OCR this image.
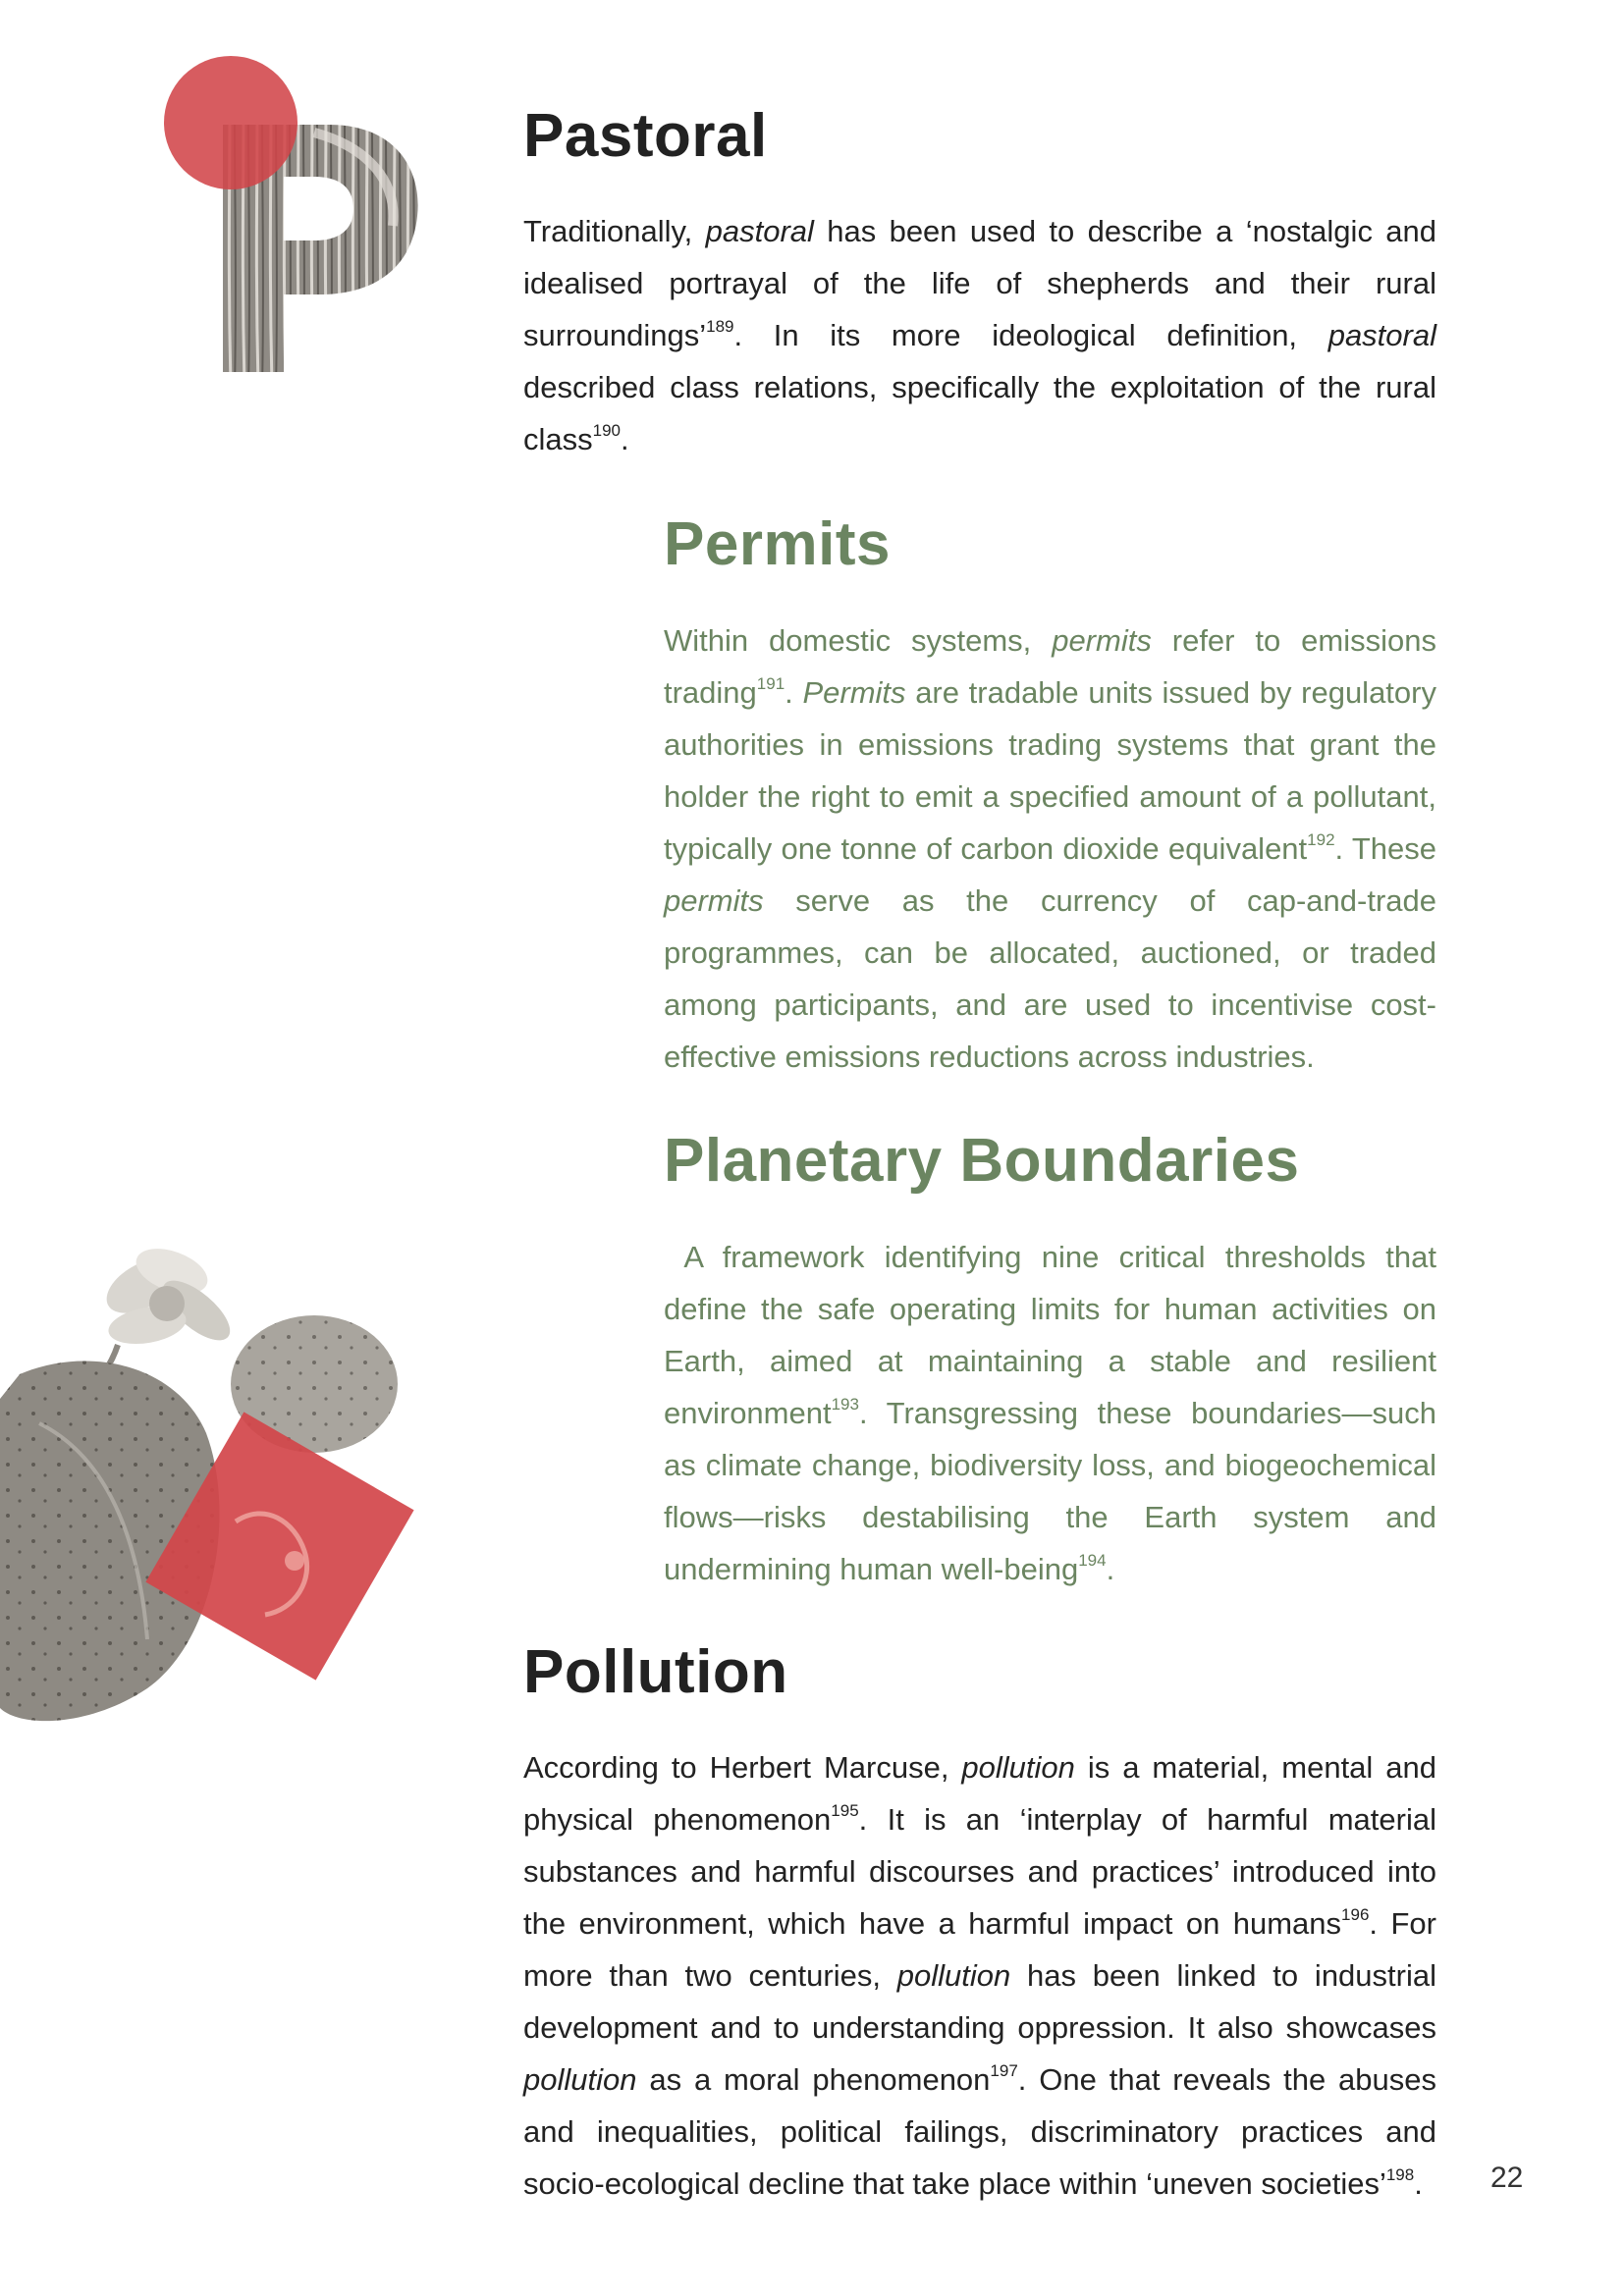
Pastoral

Traditionally, pastoral has been used to describe a ‘nostalgic and idealised portrayal of the life of shepherds and their rural surroundings’$^{189}$. In its more ideological definition, pastoral described class relations, specifically the exploitation of the rural class$^{190}$.

Permits

Within domestic systems, permits refer to emissions trading$^{191}$. Permits are tradable units issued by regulatory authorities in emissions trading systems that grant the holder the right to emit a specified amount of a pollutant, typically one tonne of carbon dioxide equivalent$^{192}$. These permits serve as the currency of cap-and-trade programmes, can be allocated, auctioned, or traded among participants, and are used to incentivise cost-effective emissions reductions across industries.

Planetary Boundaries

A framework identifying nine critical thresholds that define the safe operating limits for human activities on Earth, aimed at maintaining a stable and resilient environment$^{193}$. Transgressing these boundaries—such as climate change, biodiversity loss, and biogeochemical flows—risks destabilising the Earth system and undermining human well-being$^{194}$.

Pollution

According to Herbert Marcuse, pollution is a material, mental and physical phenomenon$^{195}$. It is an ‘interplay of harmful material substances and harmful discourses and practices’ introduced into the environment, which have a harmful impact on humans$^{196}$. For more than two centuries, pollution has been linked to industrial development and to understanding oppression. It also showcases pollution as a moral phenomenon$^{197}$. One that reveals the abuses and inequalities, political failings, discriminatory practices and socio-ecological decline that take place within ‘uneven societies’$^{198}$.	22
